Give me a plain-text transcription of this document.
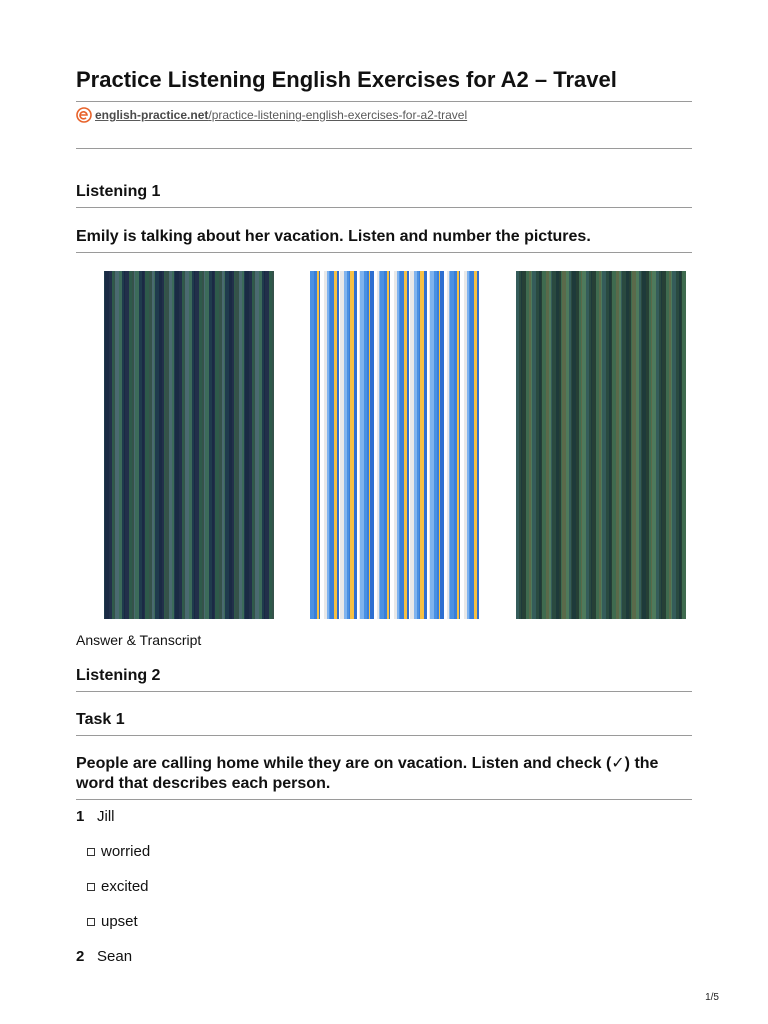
Practice Listening English Exercises for A2 – Travel
english-practice.net/practice-listening-english-exercises-for-a2-travel
Listening 1
Emily is talking about her vacation. Listen and number the pictures.
Answer & Transcript
Listening 2
Task 1
People are calling home while they are on vacation. Listen and check (✓) the word that describes each person.
1 Jill
worried
excited
upset
2 Sean
1/5
